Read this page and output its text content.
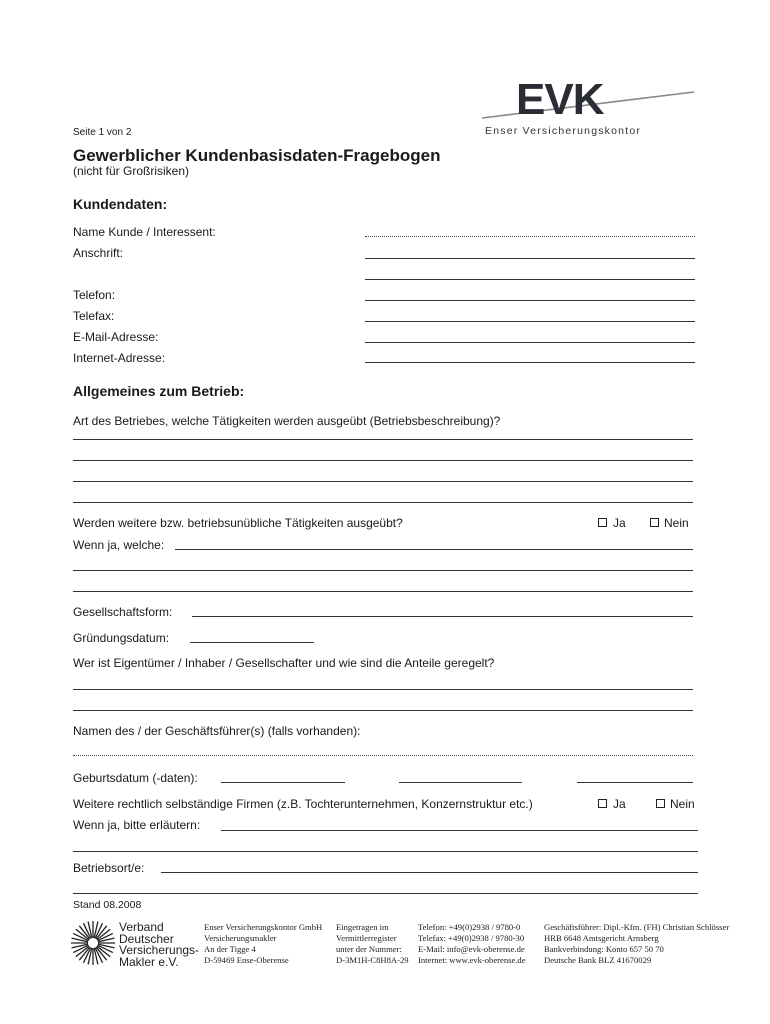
Seite 1 von 2
EVK
Enser Versicherungskontor
Gewerblicher Kundenbasisdaten-Fragebogen
(nicht für Großrisiken)
Kundendaten:
Name Kunde / Interessent:
Anschrift:
Telefon:
Telefax:
E-Mail-Adresse:
Internet-Adresse:
Allgemeines zum Betrieb:
Art des Betriebes, welche Tätigkeiten werden ausgeübt (Betriebsbeschreibung)?
Werden weitere bzw. betriebsunübliche Tätigkeiten ausgeübt?	Ja	Nein
Wenn ja, welche:
Gesellschaftsform:
Gründungsdatum:
Wer ist Eigentümer / Inhaber / Gesellschafter und wie sind die Anteile geregelt?
Namen des / der Geschäftsführer(s) (falls vorhanden):
Geburtsdatum (-daten):
Weitere rechtlich selbständige Firmen (z.B. Tochterunternehmen, Konzernstruktur etc.)	Ja	Nein
Wenn ja, bitte erläutern:
Betriebsort/e:
Stand 08.2008
Verband
Deutscher
Versicherungs-
Makler e.V.
Enser Versicherungskontor GmbH
Versicherungsmakler
An der Tigge 4
D-59469 Ense-Oberense
Eingetragen im
Vermittlerregister
unter der Nummer:
D-3M1H-C8H8A-29
Telefon: +49(0)2938 / 9780-0
Telefax: +49(0)2938 / 9780-30
E-Mail: info@evk-oberense.de
Internet: www.evk-oberense.de
Geschäftsführer: Dipl.-Kfm. (FH) Christian Schlösser
HRB 6648 Amtsgericht Arnsberg
Bankverbindung: Konto 657 50 70
Deutsche Bank BLZ 41670029
